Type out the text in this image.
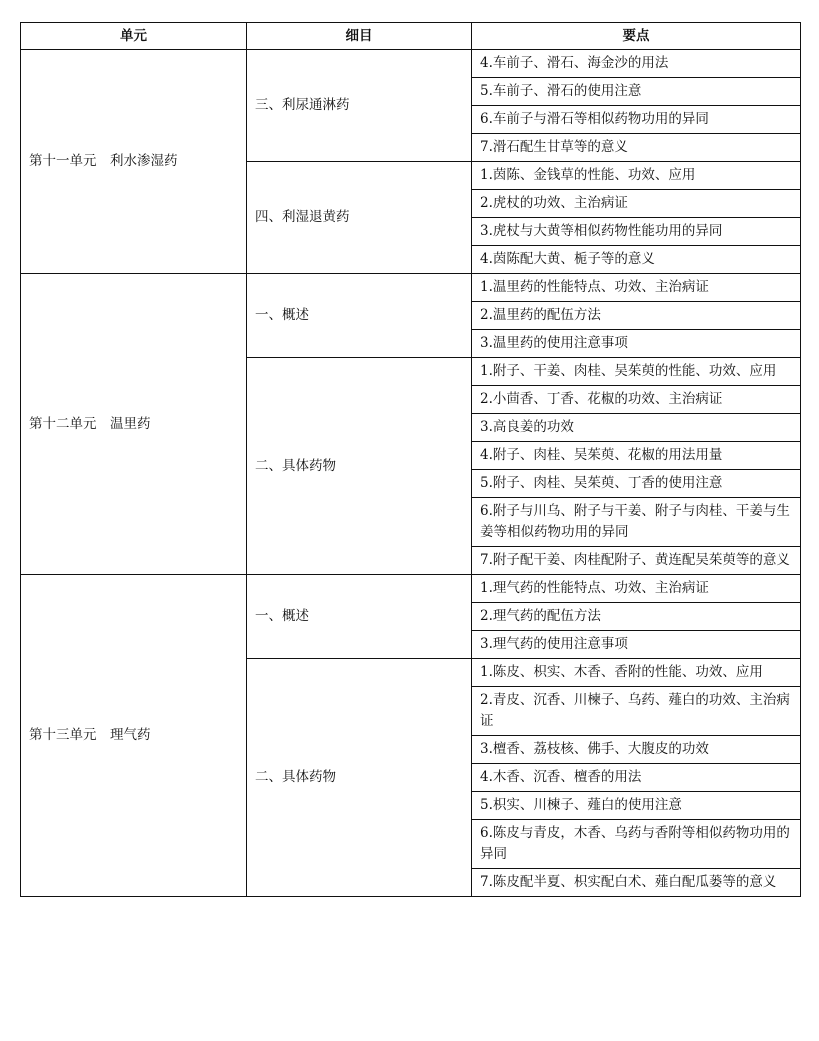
单元	细目	要点
第十一单元　利水渗湿药	三、利尿通淋药	4.车前子、滑石、海金沙的用法
		5.车前子、滑石的使用注意
		6.车前子与滑石等相似药物功用的异同
		7.滑石配生甘草等的意义
	四、利湿退黄药	1.茵陈、金钱草的性能、功效、应用
		2.虎杖的功效、主治病证
		3.虎杖与大黄等相似药物性能功用的异同
		4.茵陈配大黄、栀子等的意义
第十二单元　温里药	一、概述	1.温里药的性能特点、功效、主治病证
		2.温里药的配伍方法
		3.温里药的使用注意事项
	二、具体药物	1.附子、干姜、肉桂、吴茱萸的性能、功效、应用
		2.小茴香、丁香、花椒的功效、主治病证
		3.高良姜的功效
		4.附子、肉桂、吴茱萸、花椒的用法用量
		5.附子、肉桂、吴茱萸、丁香的使用注意
		6.附子与川乌、附子与干姜、附子与肉桂、干姜与生姜等相似药物功用的异同
		7.附子配干姜、肉桂配附子、黄连配吴茱萸等的意义
第十三单元　理气药	一、概述	1.理气药的性能特点、功效、主治病证
		2.理气药的配伍方法
		3.理气药的使用注意事项
	二、具体药物	1.陈皮、枳实、木香、香附的性能、功效、应用
		2.青皮、沉香、川楝子、乌药、薤白的功效、主治病证
		3.檀香、荔枝核、佛手、大腹皮的功效
		4.木香、沉香、檀香的用法
		5.枳实、川楝子、薤白的使用注意
		6.陈皮与青皮，木香、乌药与香附等相似药物功用的异同
		7.陈皮配半夏、枳实配白术、薤白配瓜蒌等的意义
